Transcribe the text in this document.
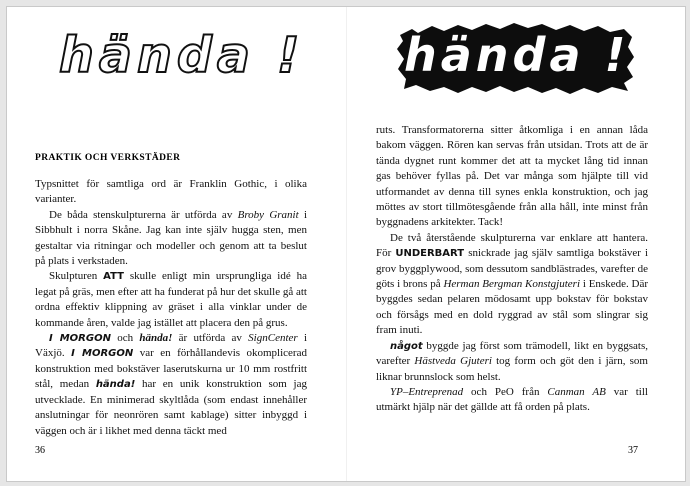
hända !
PRAKTIK OCH VERKSTÄDER

Typsnittet för samtliga ord är Franklin Gothic, i olika varianter.

De båda stenskulpturerna är utförda av Broby Granit i Sibbhult i norra Skåne. Jag kan inte själv hugga sten, men gestaltar via ritningar och modeller och genom att ta beslut på plats i verkstaden.

Skulpturen ATT skulle enligt min ursprungliga idé ha legat på gräs, men efter att ha funderat på hur det skulle gå att ordna effektiv klippning av gräset i alla vinklar under de kommande åren, valde jag istället att placera den på grus.

I MORGON och hända! är utförda av SignCenter i Växjö. I MORGON var en förhållandevis okomplicerad konstruktion med bokstäver laserutskurna ur 10 mm rostfritt stål, medan hända! har en unik konstruktion som jag utvecklade. En minimerad skyltlåda (som endast innehåller anslutningar för neonrören samt kablage) sitter inbyggd i väggen och är i likhet med denna täckt med

36
hända !

ruts. Transformatorerna sitter åtkomliga i en annan låda bakom väggen. Rören kan servas från utsidan. Trots att de är tända dygnet runt kommer det att ta mycket lång tid innan gas behöver fyllas på. Det var många som hjälpte till vid utformandet av denna till synes enkla konstruktion, och jag möttes av stort tillmötesgående från alla håll, inte minst från byggnadens arkitekter. Tack!

De två återstående skulpturerna var enklare att hantera. För UNDERBART snickrade jag själv samtliga bokstäver i grov byggplywood, som dessutom sandblästrades, varefter de göts i brons på Herman Bergman Konstgjuteri i Enskede. Där byggdes sedan pelaren mödosamt upp bokstav för bokstav och försågs med en dold ryggrad av stål som slingrar sig fram inuti.

något byggde jag först som trämodell, likt en byggsats, varefter Hästveda Gjuteri tog form och göt den i järn, som liknar brunnslock som helst.

YP–Entreprenad och PeO från Canman AB var till utmärkt hjälp när det gällde att få orden på plats.

37
